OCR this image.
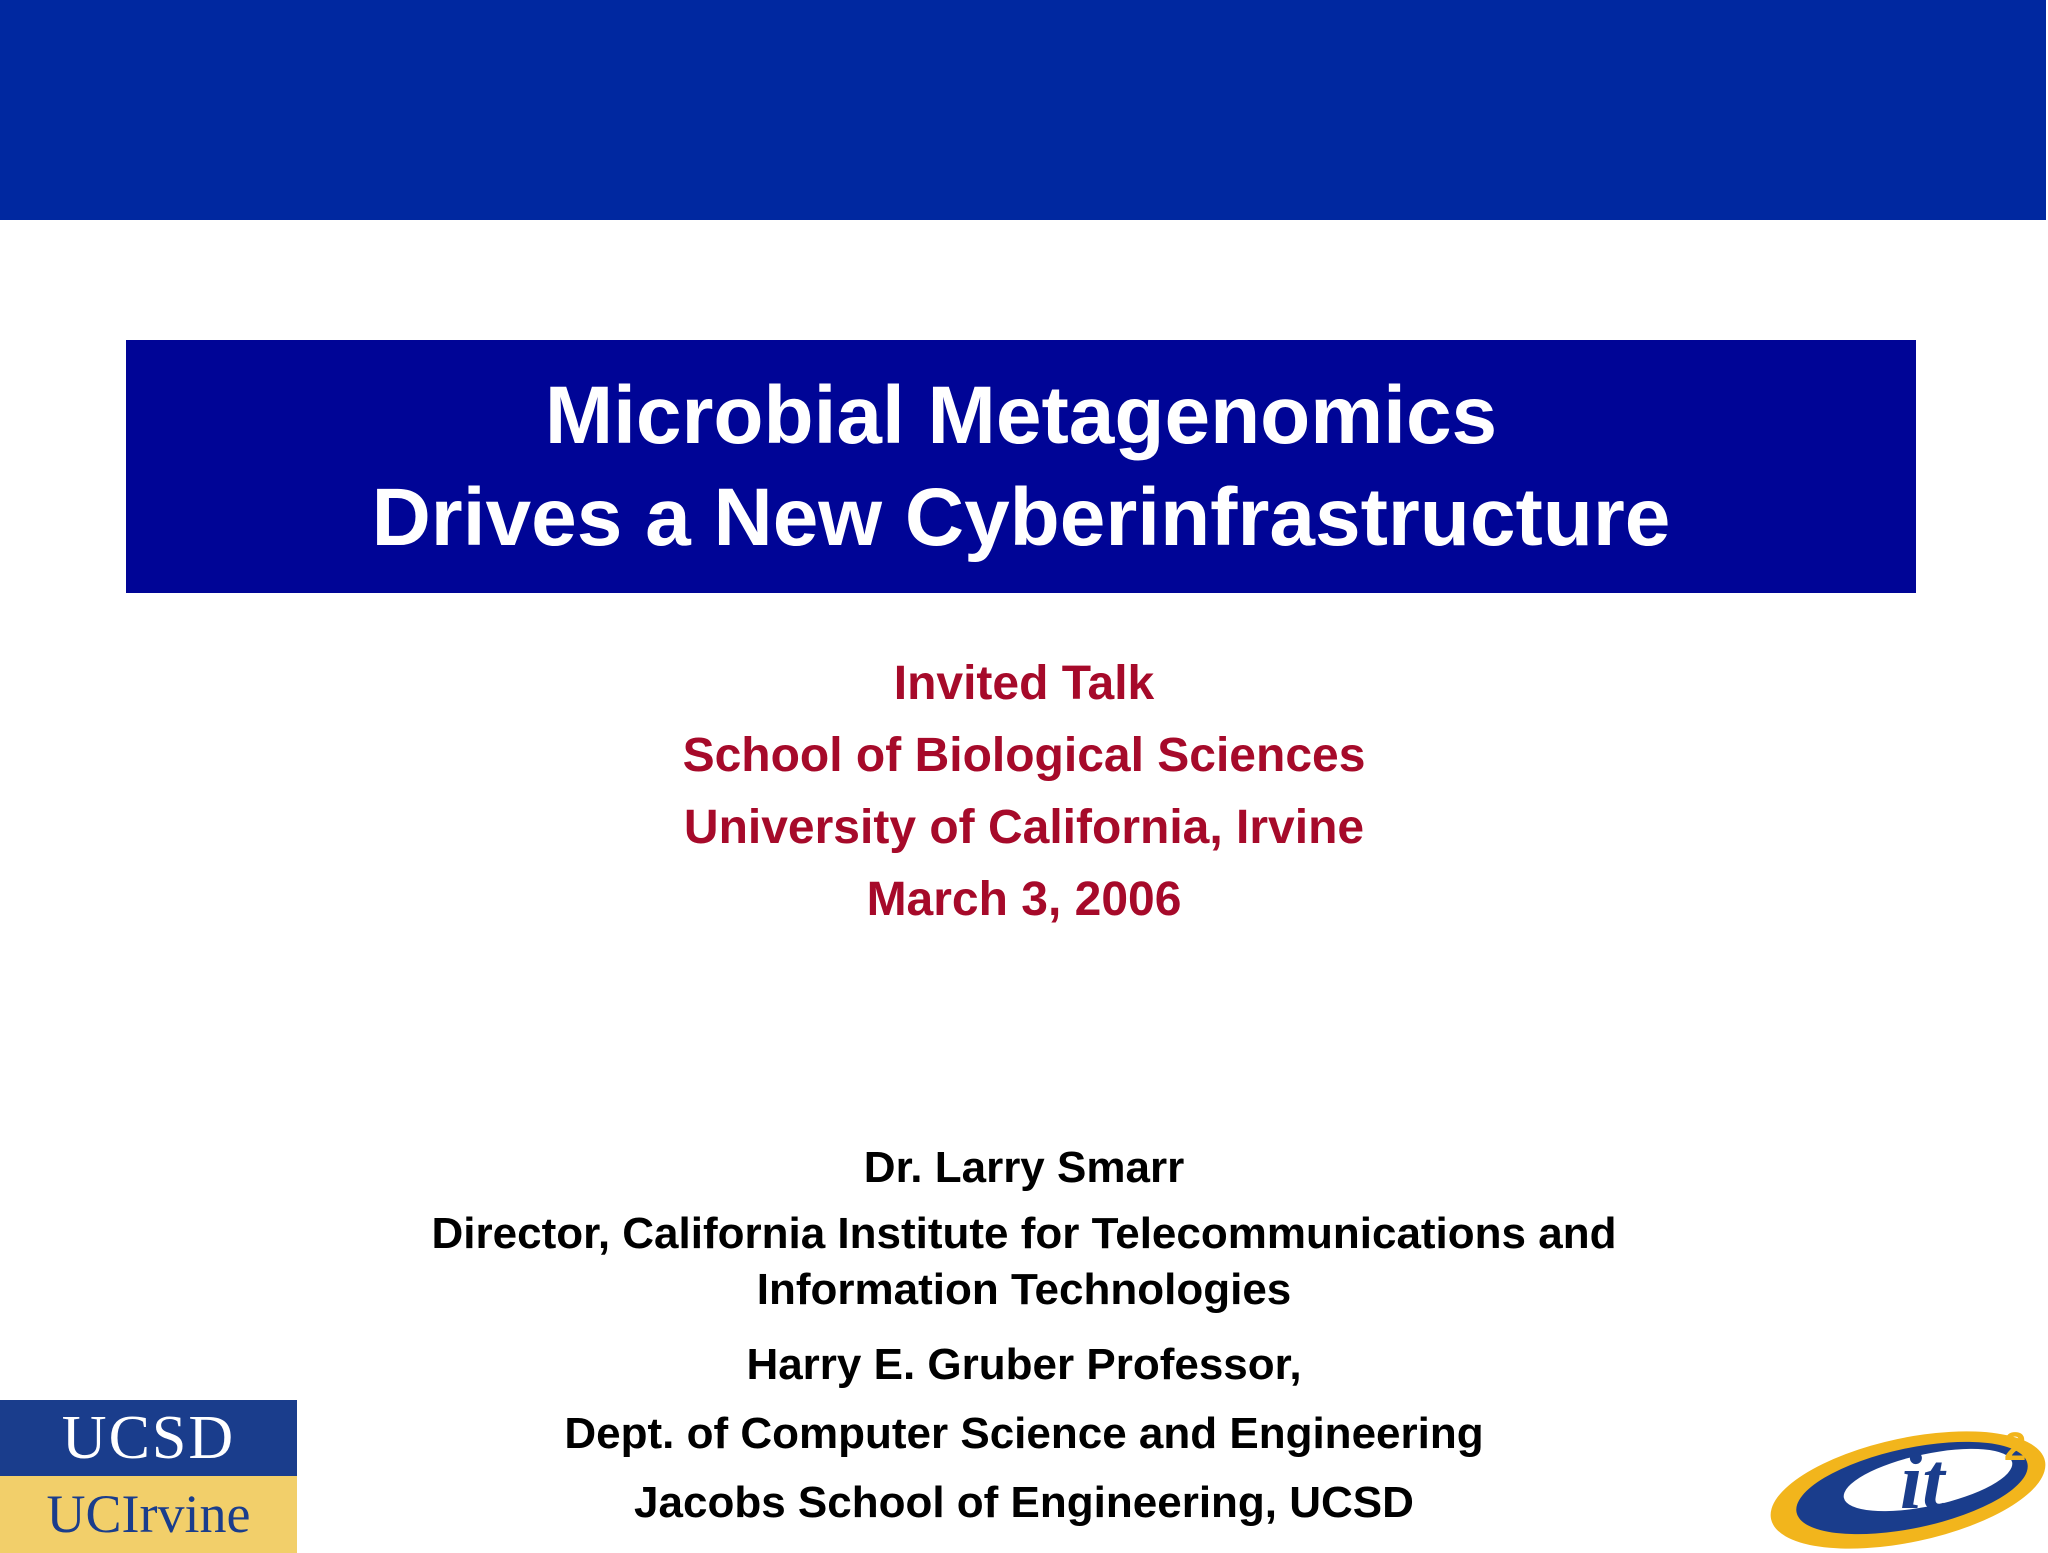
Microbial Metagenomics
Drives a New Cyberinfrastructure
Invited Talk
School of Biological Sciences
University of California, Irvine
March 3, 2006
Dr. Larry Smarr
Director, California Institute for Telecommunications and
Information Technologies
Harry E. Gruber Professor,
Dept. of Computer Science and Engineering
Jacobs School of Engineering, UCSD
UCSD
UCIrvine	it 2
